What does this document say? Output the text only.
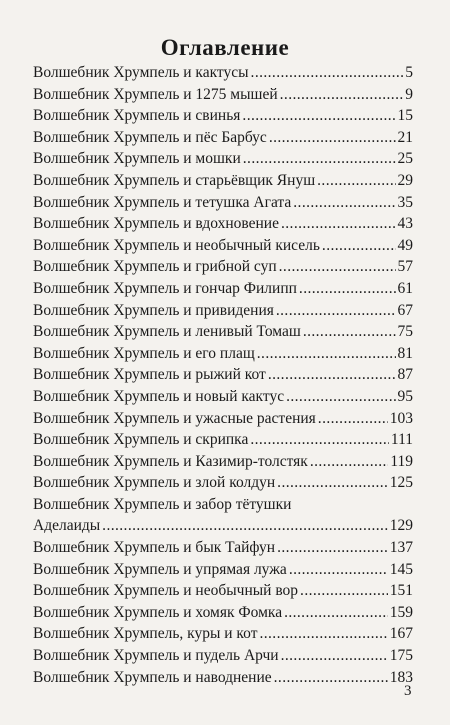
Оглавление
Волшебник Хрумпель и кактусы .....	5
Волшебник Хрумпель и 1275 мышей .....	9
Волшебник Хрумпель и свинья .....	15
Волшебник Хрумпель и пёс Барбус .....	21
Волшебник Хрумпель и мошки .....	25
Волшебник Хрумпель и старьёвщик Януш .....	29
Волшебник Хрумпель и тетушка Агата .....	35
Волшебник Хрумпель и вдохновение .....	43
Волшебник Хрумпель и необычный кисель .....	49
Волшебник Хрумпель и грибной суп .....	57
Волшебник Хрумпель и гончар Филипп .....	61
Волшебник Хрумпель и привидения .....	67
Волшебник Хрумпель и ленивый Томаш .....	75
Волшебник Хрумпель и его плащ .....	81
Волшебник Хрумпель и рыжий кот .....	87
Волшебник Хрумпель и новый кактус .....	95
Волшебник Хрумпель и ужасные растения .....	103
Волшебник Хрумпель и скрипка .....	111
Волшебник Хрумпель и Казимир-толстяк .....	119
Волшебник Хрумпель и злой колдун .....	125
Волшебник Хрумпель и забор тётушки
Аделаиды .....	129
Волшебник Хрумпель и бык Тайфун .....	137
Волшебник Хрумпель и упрямая лужа .....	145
Волшебник Хрумпель и необычный вор .....	151
Волшебник Хрумпель и хомяк Фомка .....	159
Волшебник Хрумпель, куры и кот .....	167
Волшебник Хрумпель и пудель Арчи .....	175
Волшебник Хрумпель и наводнение .....	183
3
